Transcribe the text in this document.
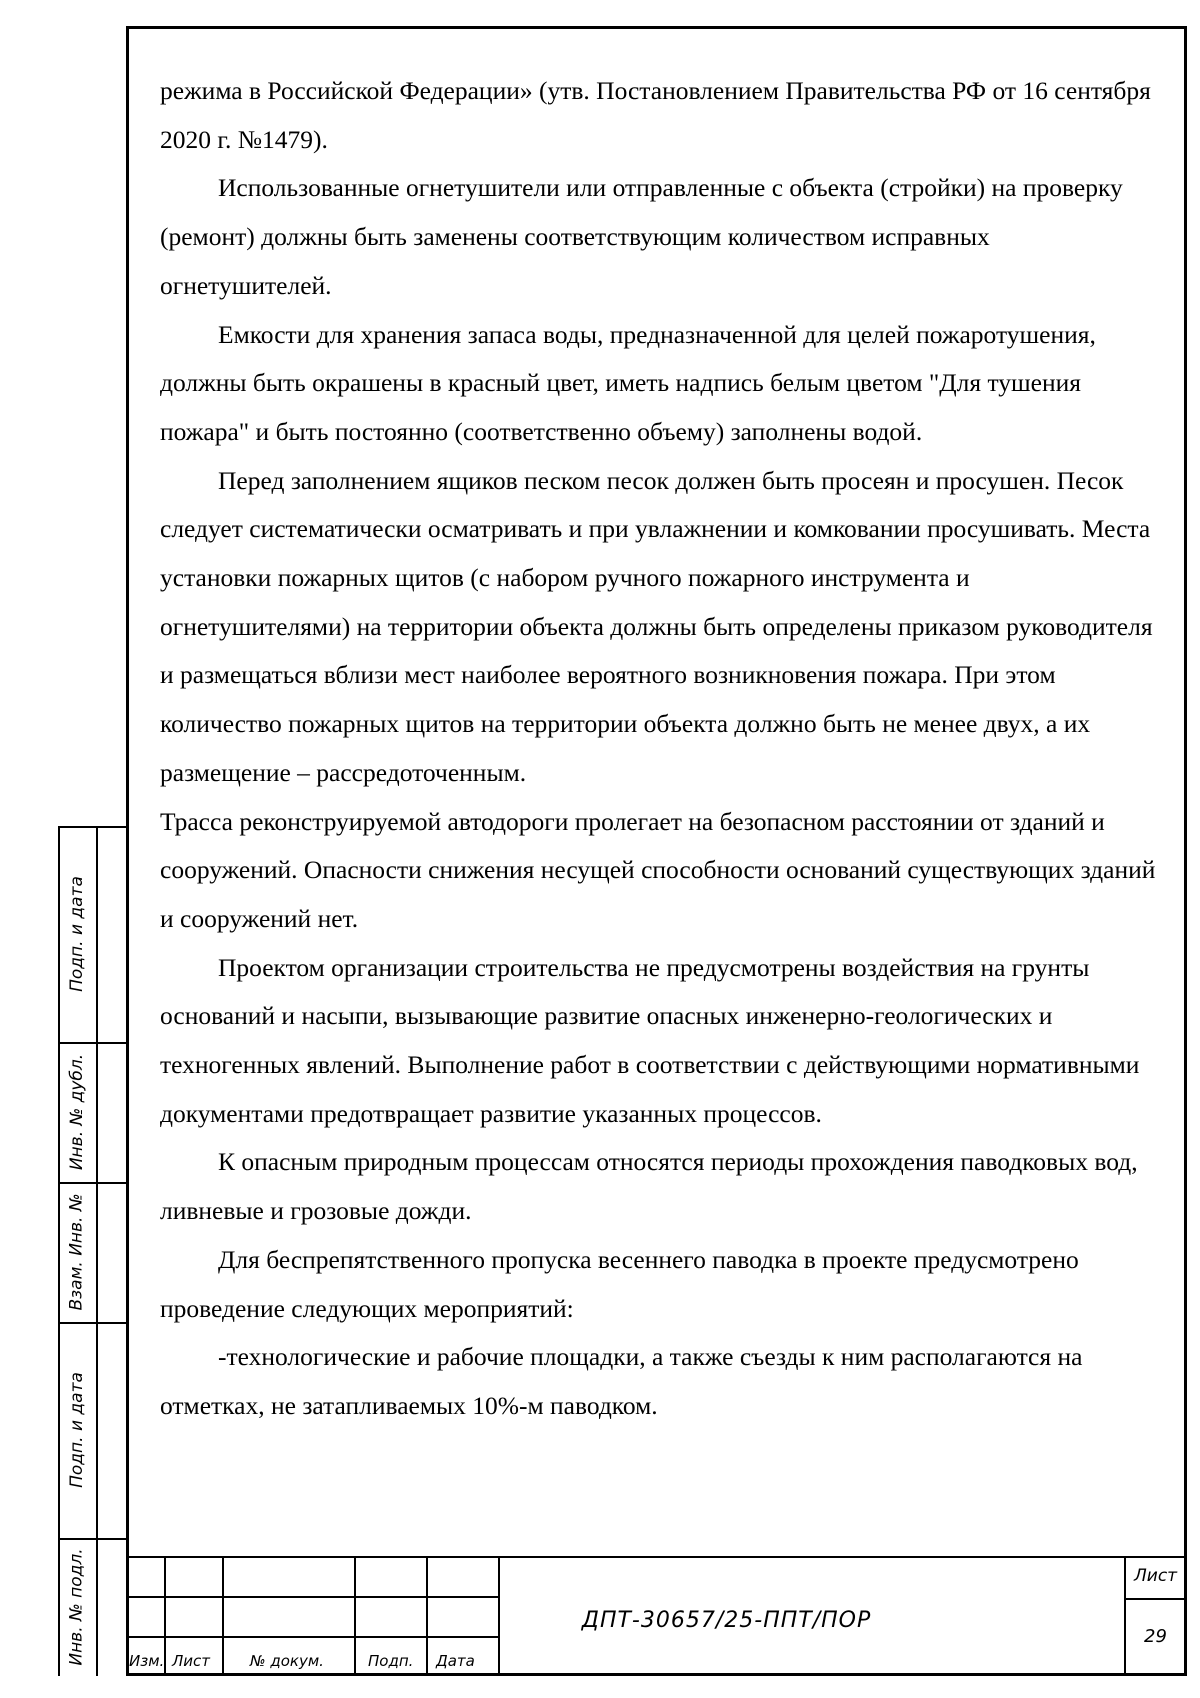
режима в Российской Федерации» (утв. Постановлением Правительства РФ от 16 сентября 2020 г. №1479).

Использованные огнетушители или отправленные с объекта (стройки) на проверку (ремонт) должны быть заменены соответствующим количеством исправных огнетушителей.

Емкости для хранения запаса воды, предназначенной для целей пожаротушения, должны быть окрашены в красный цвет, иметь надпись белым цветом "Для тушения пожара" и быть постоянно (соответственно объему) заполнены водой.

Перед заполнением ящиков песком песок должен быть просеян и просушен. Песок следует систематически осматривать и при увлажнении и комковании просушивать. Места установки пожарных щитов (с набором ручного пожарного инструмента и огнетушителями) на территории объекта должны быть определены приказом руководителя и размещаться вблизи мест наиболее вероятного возникновения пожара. При этом количество пожарных щитов на территории объекта должно быть не менее двух, а их размещение – рассредоточенным.

Трасса реконструируемой автодороги пролегает на безопасном расстоянии от зданий и сооружений. Опасности снижения несущей способности оснований существующих зданий и сооружений нет.

Проектом организации строительства не предусмотрены воздействия на грунты оснований и насыпи, вызывающие развитие опасных инженерно-геологических и техногенных явлений. Выполнение работ в соответствии с действующими нормативными документами предотвращает развитие указанных процессов.

К опасным природным процессам относятся периоды прохождения паводковых вод, ливневые и грозовые дожди.

Для беспрепятственного пропуска весеннего паводка в проекте предусмотрено проведение следующих мероприятий:

-технологические и рабочие площадки, а также съезды к ним располагаются на отметках, не затапливаемых 10%-м паводком.

Подп. и дата
Инв. № дубл.
Взам. Инв. №
Подп. и дата
Инв. № подл.	Изм. Лист	№ докум.	Подп. Дата
ДПТ-30657/25-ППТ/ПОР
Лист
29
